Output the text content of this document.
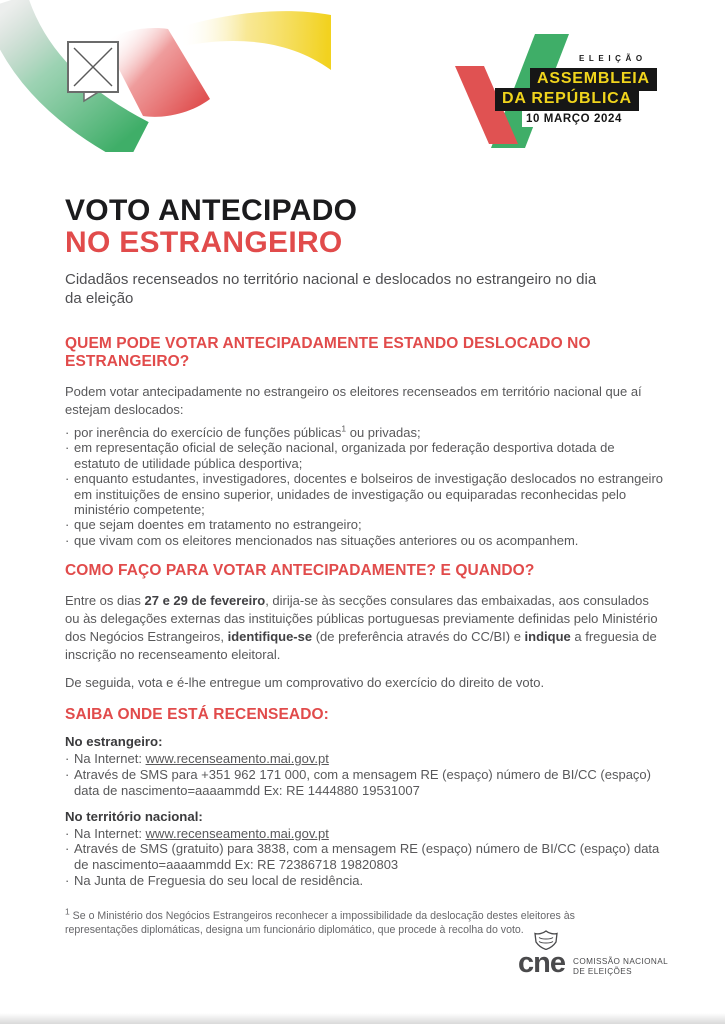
ELEIÇÃO
ASSEMBLEIA
DA REPÚBLICA
10 MARÇO 2024
VOTO ANTECIPADO
NO ESTRANGEIRO

Cidadãos recenseados no território nacional e deslocados no estrangeiro no dia da eleição

QUEM PODE VOTAR ANTECIPADAMENTE ESTANDO DESLOCADO NO ESTRANGEIRO?

Podem votar antecipadamente no estrangeiro os eleitores recenseados em território nacional que aí estejam deslocados:

· por inerência do exercício de funções públicas$^1$ ou privadas;
· em representação oficial de seleção nacional, organizada por federação desportiva dotada de estatuto de utilidade pública desportiva;
· enquanto estudantes, investigadores, docentes e bolseiros de investigação deslocados no estrangeiro em instituições de ensino superior, unidades de investigação ou equiparadas reconhecidas pelo ministério competente;
· que sejam doentes em tratamento no estrangeiro;
· que vivam com os eleitores mencionados nas situações anteriores ou os acompanhem.
COMO FAÇO PARA VOTAR ANTECIPADAMENTE? E QUANDO?

Entre os dias 27 e 29 de fevereiro, dirija-se às secções consulares das embaixadas, aos consulados ou às delegações externas das instituições públicas portuguesas previamente definidas pelo Ministério dos Negócios Estrangeiros, identifique-se (de preferência através do CC/BI) e indique a freguesia de inscrição no recenseamento eleitoral.

De seguida, vota e é-lhe entregue um comprovativo do exercício do direito de voto.

SAIBA ONDE ESTÁ RECENSEADO:
No estrangeiro:
· Na Internet: www.recenseamento.mai.gov.pt
· Através de SMS para +351 962 171 000, com a mensagem RE (espaço) número de BI/CC (espaço) data de nascimento=aaaammdd Ex: RE 1444880 19531007
No território nacional:
· Na Internet: www.recenseamento.mai.gov.pt
· Através de SMS (gratuito) para 3838, com a mensagem RE (espaço) número de BI/CC (espaço) data de nascimento=aaaammdd Ex: RE 72386718 19820803
· Na Junta de Freguesia do seu local de residência.

$^1$ Se o Ministério dos Negócios Estrangeiros reconhecer a impossibilidade da deslocação destes eleitores às representações diplomáticas, designa um funcionário diplomático, que procede à recolha do voto.

cne COMISSÃO NACIONAL
DE ELEIÇÕES
